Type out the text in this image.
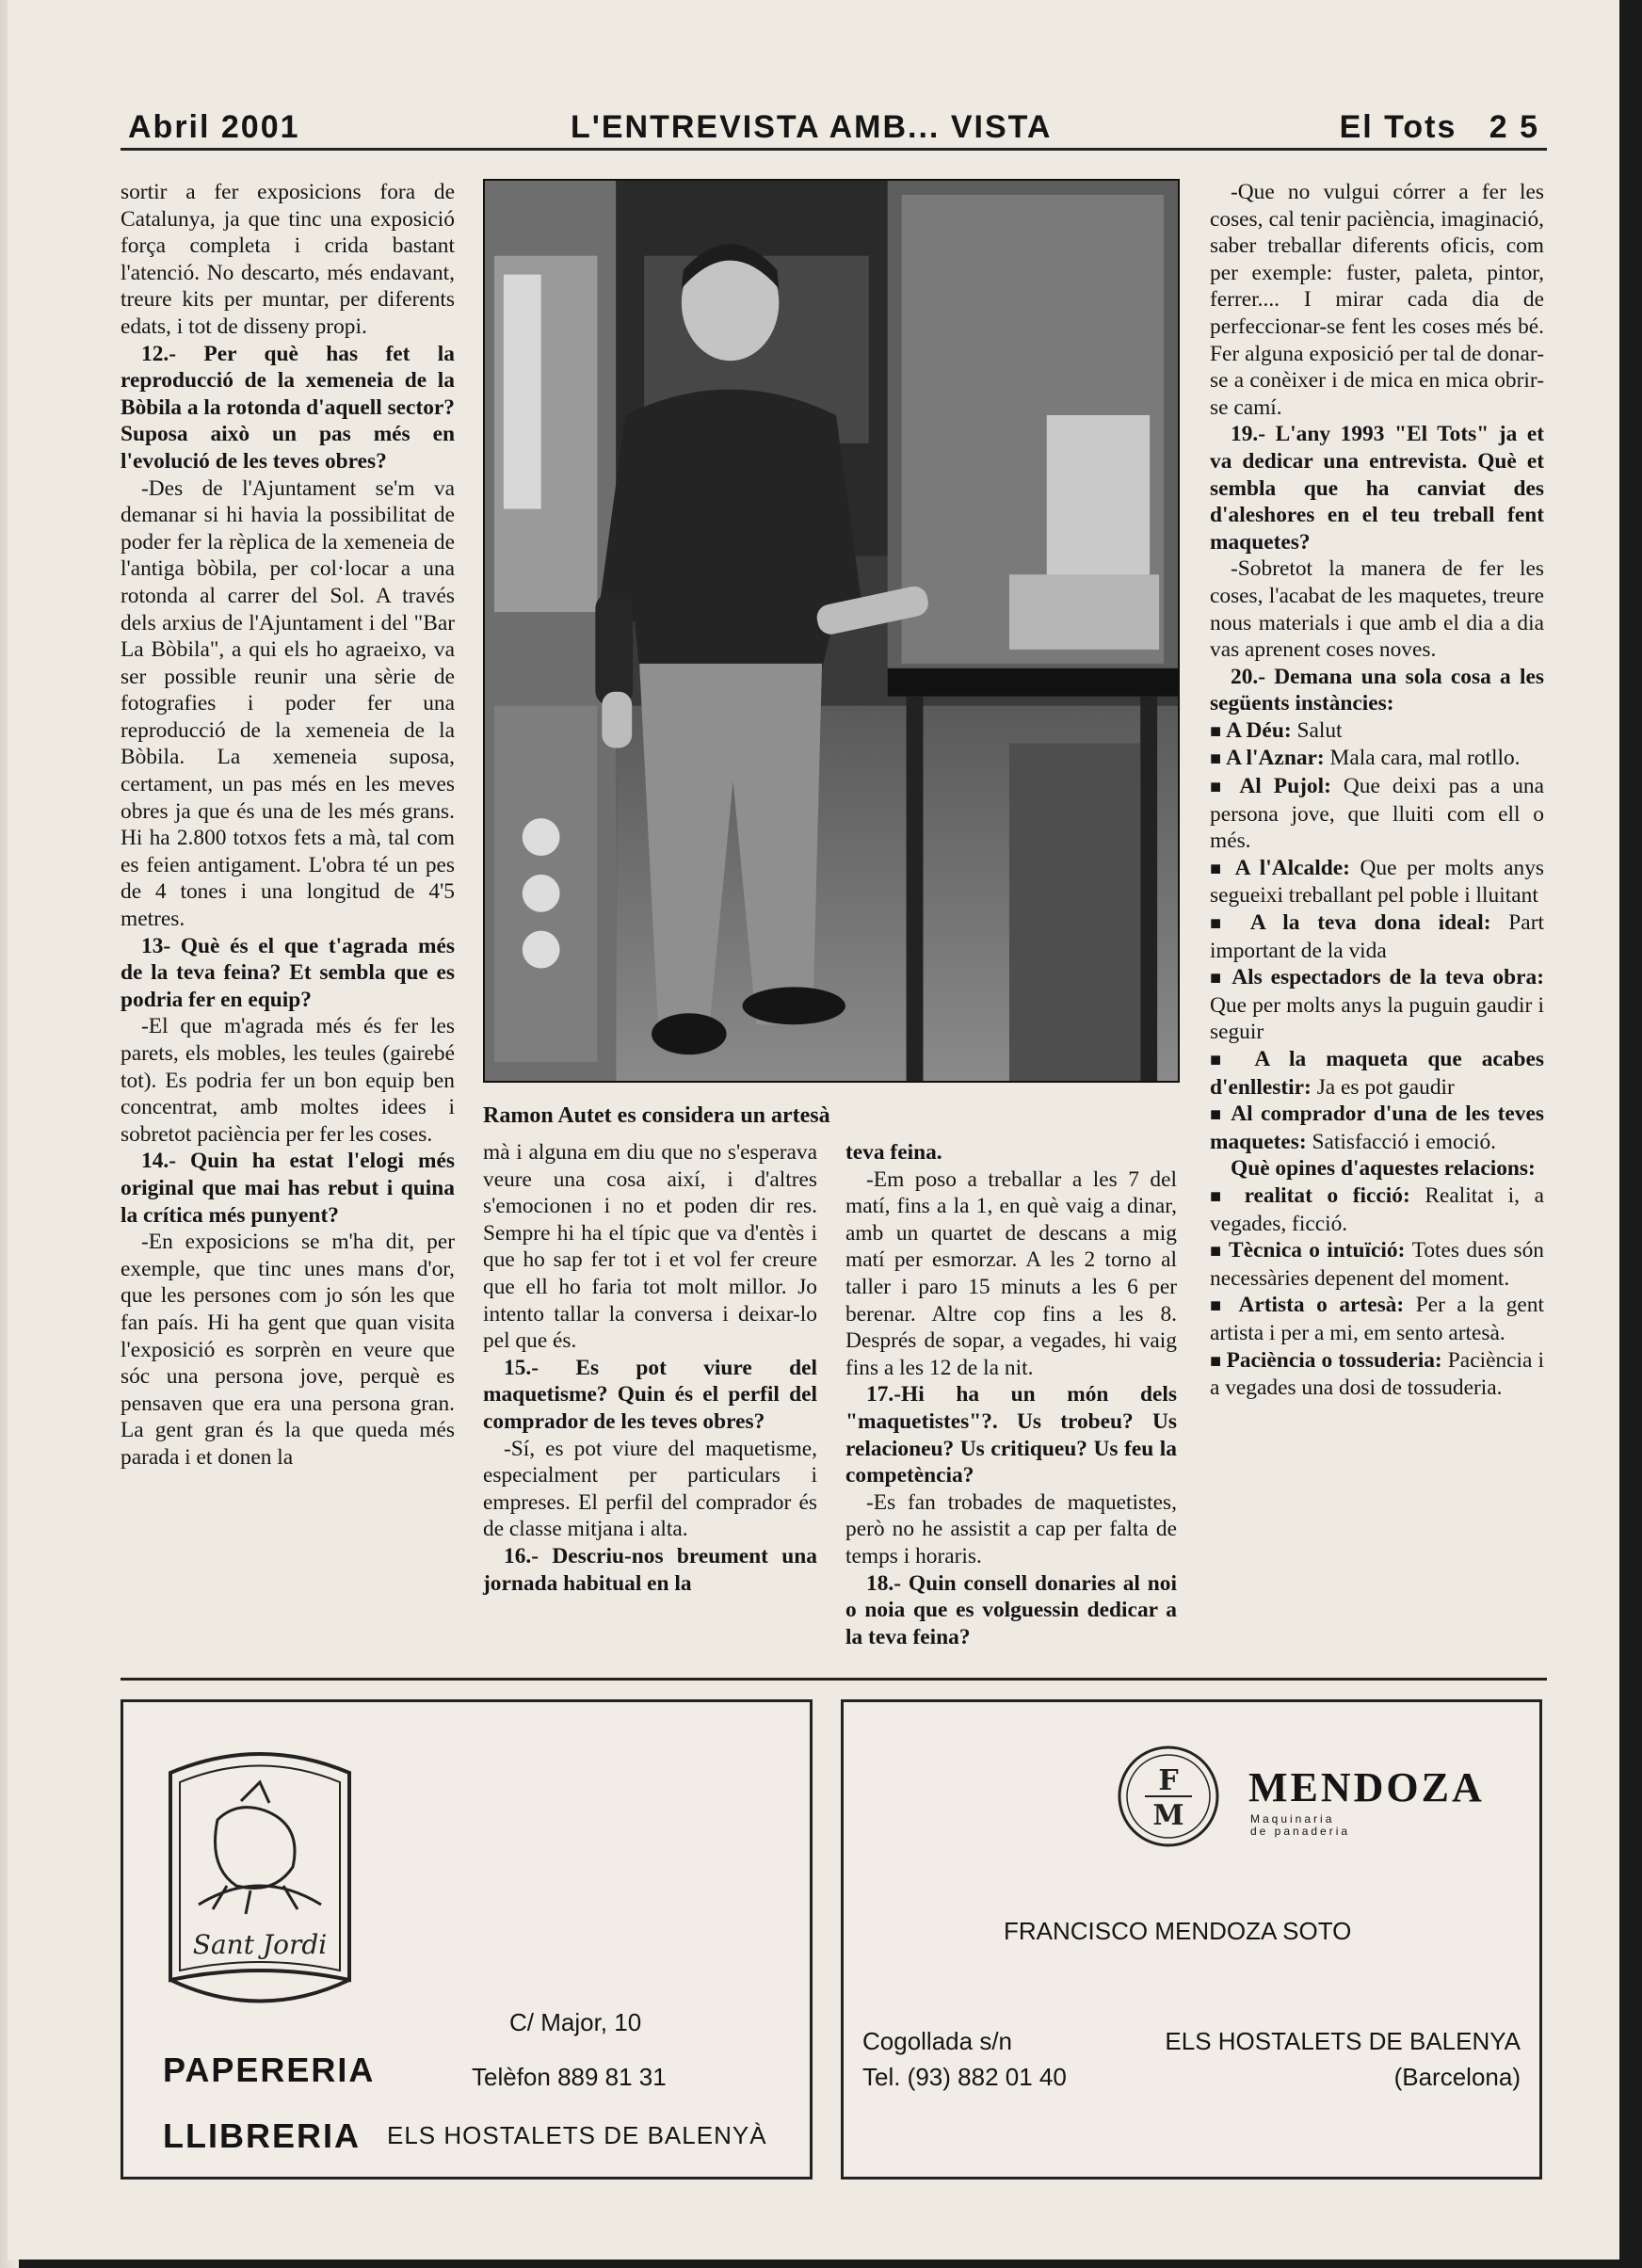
Abril 2001	L'ENTREVISTA AMB... VISTA	El Tots 2 5

sortir a fer exposicions fora de Catalunya, ja que tinc una exposició força completa i crida bastant l'atenció. No descarto, més endavant, treure kits per muntar, per diferents edats, i tot de disseny propi.

12.- Per què has fet la reproducció de la xemeneia de la Bòbila a la rotonda d'aquell sector? Suposa això un pas més en l'evolució de les teves obres?

-Des de l'Ajuntament se'm va demanar si hi havia la possibilitat de poder fer la rèplica de la xemeneia de l'antiga bòbila, per col·locar a una rotonda al carrer del Sol. A través dels arxius de l'Ajuntament i del "Bar La Bòbila", a qui els ho agraeixo, va ser possible reunir una sèrie de fotografies i poder fer una reproducció de la xemeneia de la Bòbila. La xemeneia suposa, certament, un pas més en les meves obres ja que és una de les més grans. Hi ha 2.800 totxos fets a mà, tal com es feien antigament. L'obra té un pes de 4 tones i una longitud de 4'5 metres.

13- Què és el que t'agrada més de la teva feina? Et sembla que es podria fer en equip?

-El que m'agrada més és fer les parets, els mobles, les teules (gairebé tot). Es podria fer un bon equip ben concentrat, amb moltes idees i sobretot paciència per fer les coses.

14.- Quin ha estat l'elogi més original que mai has rebut i quina la crítica més punyent?

-En exposicions se m'ha dit, per exemple, que tinc unes mans d'or, que les persones com jo són les que fan país. Hi ha gent que quan visita l'exposició es sorprèn en veure que sóc una persona jove, perquè es pensaven que era una persona gran. La gent gran és la que queda més parada i et donen la

Ramon Autet es considera un artesà

mà i alguna em diu que no s'esperava veure una cosa així, i d'altres s'emocionen i no et poden dir res. Sempre hi ha el típic que va d'entès i que ho sap fer tot i et vol fer creure que ell ho faria tot molt millor. Jo intento tallar la conversa i deixar-lo pel que és.

15.- Es pot viure del maquetisme? Quin és el perfil del comprador de les teves obres?

-Sí, es pot viure del maquetisme, especialment per particulars i empreses. El perfil del comprador és de classe mitjana i alta.

16.- Descriu-nos breument una jornada habitual en la

teva feina.

-Em poso a treballar a les 7 del matí, fins a la 1, en què vaig a dinar, amb un quartet de descans a mig matí per esmorzar. A les 2 torno al taller i paro 15 minuts a les 6 per berenar. Altre cop fins a les 8. Després de sopar, a vegades, hi vaig fins a les 12 de la nit.

17.-Hi ha un món dels "maquetistes"?. Us trobeu? Us relacioneu? Us critiqueu? Us feu la competència?

-Es fan trobades de maquetistes, però no he assistit a cap per falta de temps i horaris.

18.- Quin consell donaries al noi o noia que es volguessin dedicar a la teva feina?

-Que no vulgui córrer a fer les coses, cal tenir paciència, imaginació, saber treballar diferents oficis, com per exemple: fuster, paleta, pintor, ferrer.... I mirar cada dia de perfeccionar-se fent les coses més bé. Fer alguna exposició per tal de donar-se a conèixer i de mica en mica obrir-se camí.

19.- L'any 1993 "El Tots" ja et va dedicar una entrevista. Què et sembla que ha canviat des d'aleshores en el teu treball fent maquetes?

-Sobretot la manera de fer les coses, l'acabat de les maquetes, treure nous materials i que amb el dia a dia vas aprenent coses noves.

20.- Demana una sola cosa a les següents instàncies:

■ A Déu: Salut

■ A l'Aznar: Mala cara, mal rotllo.

■ Al Pujol: Que deixi pas a una persona jove, que lluiti com ell o més.

■ A l'Alcalde: Que per molts anys segueixi treballant pel poble i lluitant

■ A la teva dona ideal: Part important de la vida

■ Als espectadors de la teva obra: Que per molts anys la puguin gaudir i seguir

■ A la maqueta que acabes d'enllestir: Ja es pot gaudir

■ Al comprador d'una de les teves maquetes: Satisfacció i emoció.

Què opines d'aquestes relacions:

■ realitat o ficció: Realitat i, a vegades, ficció.

■ Tècnica o intuïció: Totes dues són necessàries depenent del moment.

■ Artista o artesà: Per a la gent artista i per a mi, em sento artesà.

■ Paciència o tossuderia: Paciència i a vegades una dosi de tossuderia.

Sant Jordi
PAPERERIA
LLIBRERIA
C/ Major, 10
Telèfon 889 81 31
ELS HOSTALETS DE BALENYÀ
F
M
MENDOZA
Maquinaria
de panaderia
FRANCISCO MENDOZA SOTO
Cogollada s/n
Tel. (93) 882 01 40
ELS HOSTALETS DE BALENYA
(Barcelona)
